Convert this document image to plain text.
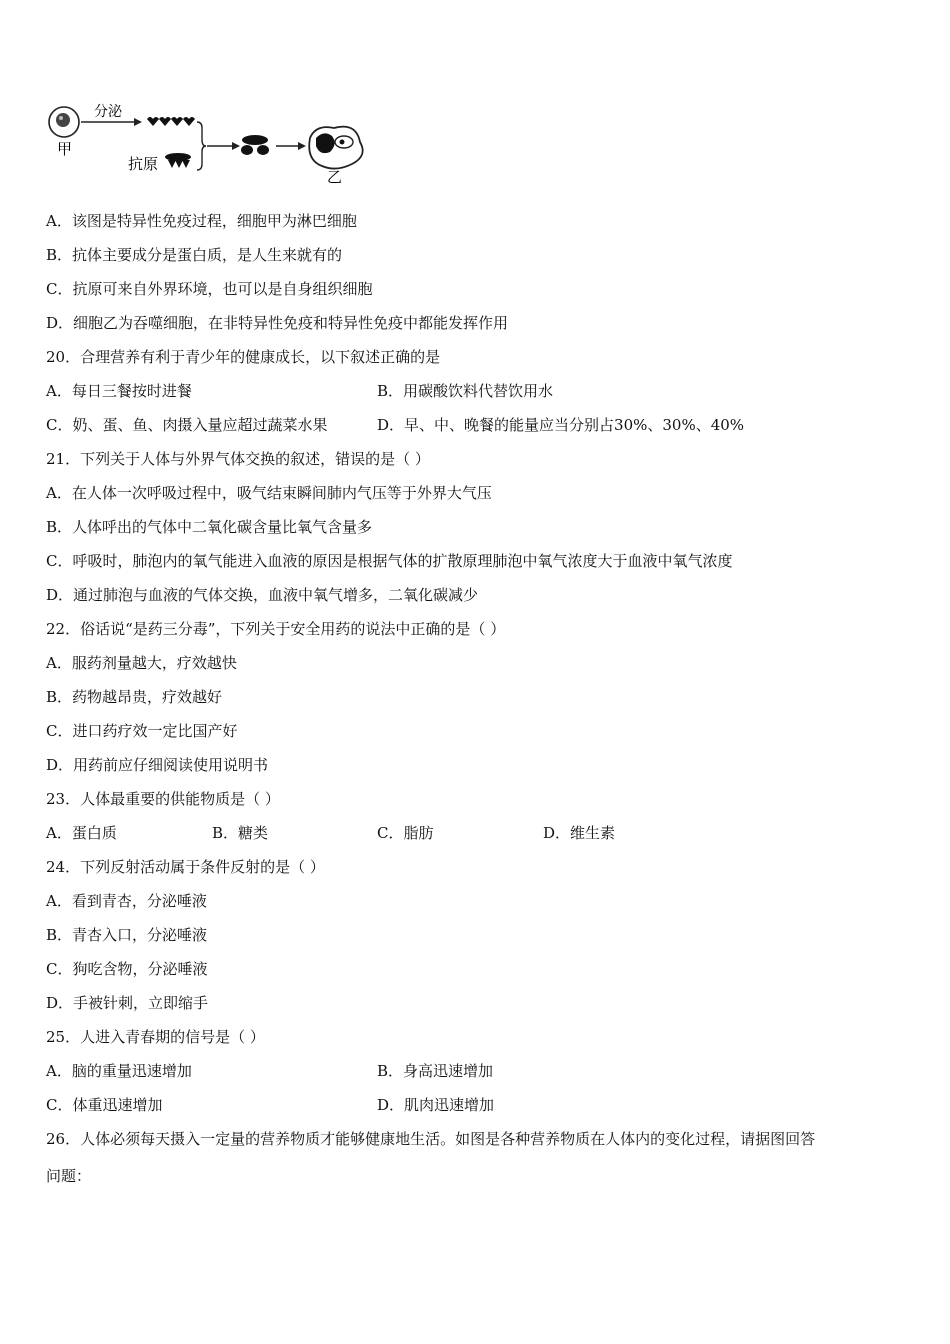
甲
分泌
抗原
乙
A．该图是特异性免疫过程，细胞甲为淋巴细胞
B．抗体主要成分是蛋白质，是人生来就有的
C．抗原可来自外界环境，也可以是自身组织细胞
D．细胞乙为吞噬细胞，在非特异性免疫和特异性免疫中都能发挥作用
20．合理营养有利于青少年的健康成长，以下叙述正确的是
A．每日三餐按时进餐	B．用碳酸饮料代替饮用水
C．奶、蛋、鱼、肉摄入量应超过蔬菜水果	D．早、中、晚餐的能量应当分别占30%、30%、40%
21．下列关于人体与外界气体交换的叙述，错误的是（ ）
A．在人体一次呼吸过程中，吸气结束瞬间肺内气压等于外界大气压
B．人体呼出的气体中二氧化碳含量比氧气含量多
C．呼吸时，肺泡内的氧气能进入血液的原因是根据气体的扩散原理肺泡中氧气浓度大于血液中氧气浓度
D．通过肺泡与血液的气体交换，血液中氧气增多，二氧化碳减少
22．俗话说“是药三分毒”，下列关于安全用药的说法中正确的是（ ）
A．服药剂量越大，疗效越快
B．药物越昂贵，疗效越好
C．进口药疗效一定比国产好
D．用药前应仔细阅读使用说明书
23．人体最重要的供能物质是（ ）
A．蛋白质	B．糖类	C．脂肪	D．维生素
24．下列反射活动属于条件反射的是（ ）
A．看到青杏，分泌唾液
B．青杏入口，分泌唾液
C．狗吃含物，分泌唾液
D．手被针刺，立即缩手
25．人进入青春期的信号是（ ）
A．脑的重量迅速增加	B．身高迅速增加
C．体重迅速增加	D．肌肉迅速增加
26．人体必须每天摄入一定量的营养物质才能够健康地生活。如图是各种营养物质在人体内的变化过程，请据图回答
问题：
